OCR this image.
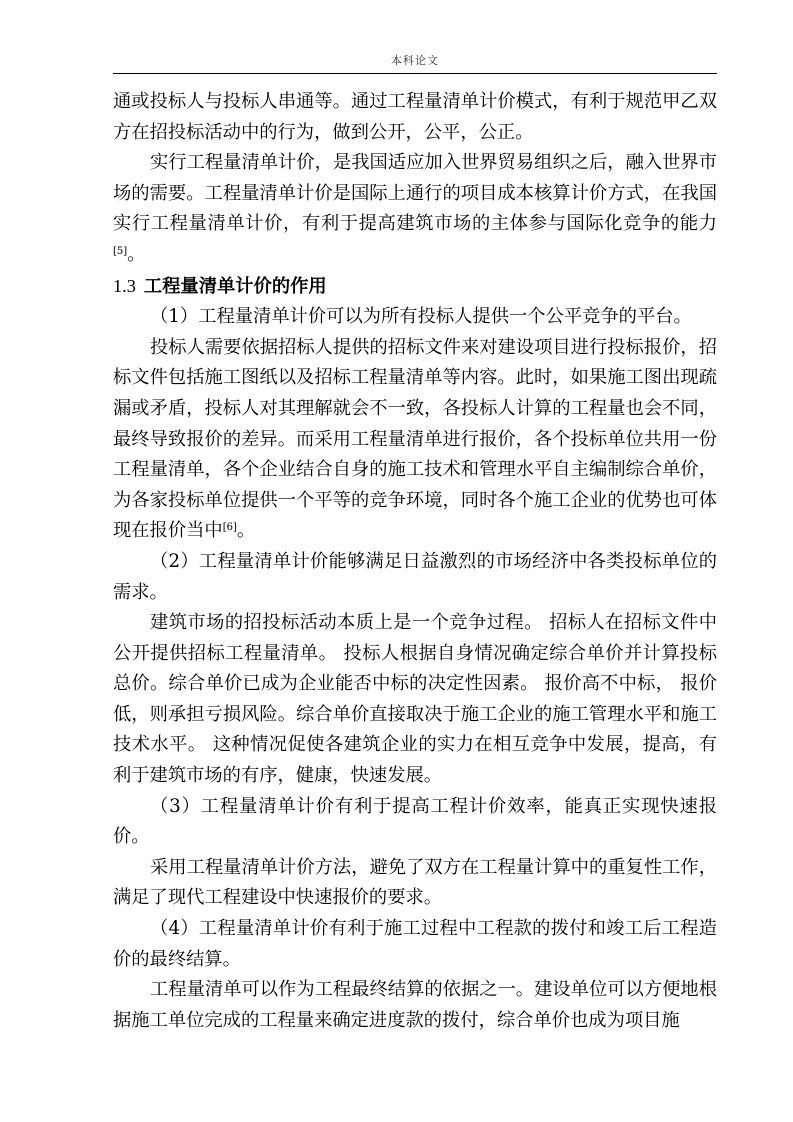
本科论文

通或投标人与投标人串通等。通过工程量清单计价模式，有利于规范甲乙双方在招投标活动中的行为，做到公开，公平，公正。

实行工程量清单计价，是我国适应加入世界贸易组织之后，融入世界市场的需要。工程量清单计价是国际上通行的项目成本核算计价方式，在我国实行工程量清单计价，有利于提高建筑市场的主体参与国际化竞争的能力[5]。

1.3 工程量清单计价的作用

（1）工程量清单计价可以为所有投标人提供一个公平竞争的平台。

投标人需要依据招标人提供的招标文件来对建设项目进行投标报价，招标文件包括施工图纸以及招标工程量清单等内容。此时，如果施工图出现疏漏或矛盾，投标人对其理解就会不一致，各投标人计算的工程量也会不同，最终导致报价的差异。而采用工程量清单进行报价，各个投标单位共用一份工程量清单，各个企业结合自身的施工技术和管理水平自主编制综合单价，为各家投标单位提供一个平等的竞争环境，同时各个施工企业的优势也可体现在报价当中[6]。

（2）工程量清单计价能够满足日益激烈的市场经济中各类投标单位的需求。

建筑市场的招投标活动本质上是一个竞争过程。 招标人在招标文件中公开提供招标工程量清单。 投标人根据自身情况确定综合单价并计算投标总价。综合单价已成为企业能否中标的决定性因素。 报价高不中标， 报价低，则承担亏损风险。综合单价直接取决于施工企业的施工管理水平和施工技术水平。 这种情况促使各建筑企业的实力在相互竞争中发展，提高，有利于建筑市场的有序，健康，快速发展。

（3）工程量清单计价有利于提高工程计价效率，能真正实现快速报价。

采用工程量清单计价方法，避免了双方在工程量计算中的重复性工作，满足了现代工程建设中快速报价的要求。

（4）工程量清单计价有利于施工过程中工程款的拨付和竣工后工程造价的最终结算。

工程量清单可以作为工程最终结算的依据之一。建设单位可以方便地根据施工单位完成的工程量来确定进度款的拨付，综合单价也成为项目施
